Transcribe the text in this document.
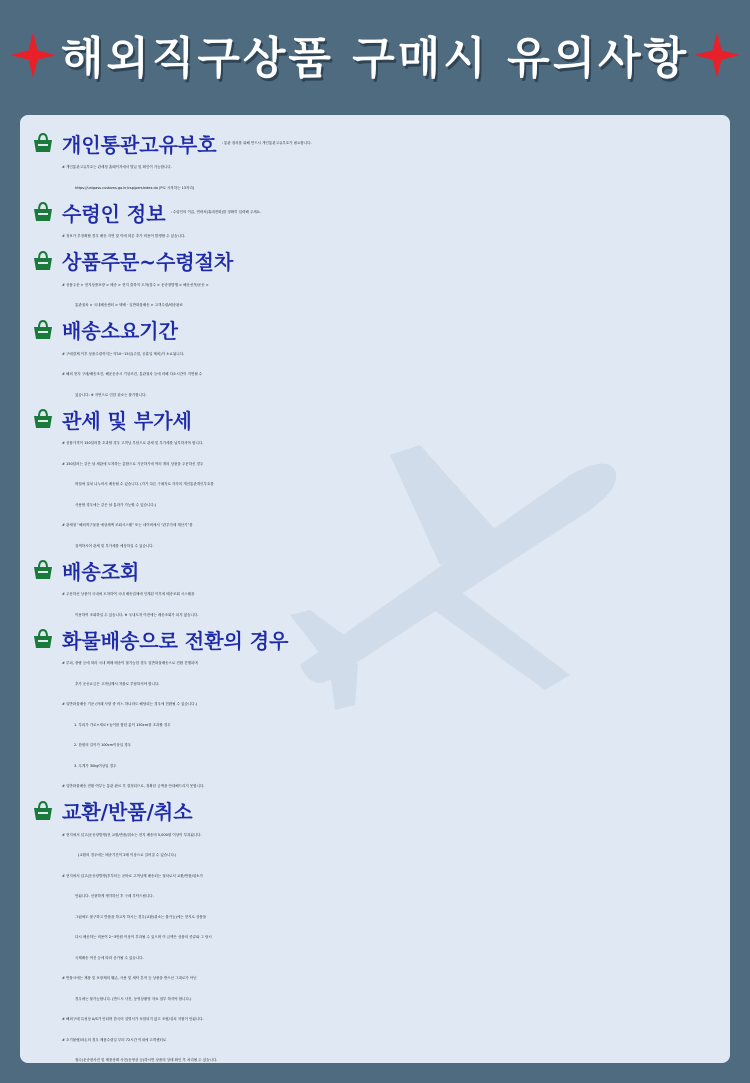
해외직구상품 구매시 유의사항
개인통관고유부호 : 통관 절차를 위해 반드시 개인통관고유부호가 필요합니다.
# 개인통관고유부호는 관세청 홈페이지에서 발급 및 확인이 가능합니다.
https://unipass.customs.go.kr/csp/persIndex.do (P로 시작하는 13자리)
수령인 정보 : 수령인의 이름, 연락처(휴대전화)를 정확히 입력해 주세요.
# 정보가 부정확할 경우 배송 지연 및 이에 따른 추가 비용이 발생할 수 있습니다.
상품주문~수령절차
# 상품주문 > 현지상품포장 > 배송 > 현지 출하지 도착/검수 > 운송장발행 > 해운선적/운송 >
통관절차 > 국내배송센터 > 택배 · 일반화물배송 > 고객수령/배송완료
배송소요기간
# 구매결제 이후 상품수령까지는 약10~15일(주말, 공휴일 제외)이 소요됩니다.
# 해외 현지 구매/배송조건, 해운운송시 기상조건, 통관절차 등에 의해 다소시간이 지연될 수
있습니다. ※ 지연으로 인한 취소는 불가합니다.
관세 및 부가세
# 상품가격이 150달러를 초과할 경우 고객님 부담으로 관세 및 부가세를 납부하셔야 합니다.
# 150달러는 같은 날 세관에 도착하는 총합으로 기준하기에 여러 개의 상품을 주문하신 경우
며칠에 걸쳐 나누어서 배송될 수 있습니다. (각기 다른 구매자로 각각의 개인통관개인부호를
사용할 경우에는 같은 날 통과가 가능할 수 있습니다.)
# 관세청 “해외직구물품 예상세액 조회시스템” 또는 네이버에서 “관부가세 계산기”를
검색하시어 관세 및 부가세를 예상하실 수 있습니다.
배송조회
# 주문하신 상품이 국내에 도착하여 국내 배송업체에 인계된 이후에 배송조회 시스템을
이용하여 조회하실 수 있습니다. ※ 국내도착 이전에는 배송조회가 되지 않습니다.
화물배송으로 전환의 경우
# 부피, 중량 등에 따라 국내 택배 배송이 불가능한 경우 일반화물배송으로 전환 진행되며
추가 운송요금은 고객님께서 착불로 부담하셔야 합니다.
# 일반화물배송 기준 (아래 사항 중 어느 하나라도 해당되는 경우에 전환될 수 있습니다.)
1. 부피가 가로+세로+높이를 합한 값이 150cm를 초과할 경우
2. 한변의 길이가 100cm이상일 경우
3. 무게가 30kg이상일 경우
# 일반화물배송 전환 여부는 통관 완료 후 결정되므로, 정확한 금액을 안내해드리지 못합니다.
교환/반품/취소
# 현지에서 입고(운송장발생)전 교환/반품/취소는 현지 배송비 5,000원 이상이 부과됩니다.
(교환의 경우에는 배송기간이 2배 이상으로 길어질 수 있습니다.)
# 현지에서 입고(운송장발생)후부터는 곧바로 고객님께 배송되는 절차로서 교환/반품/취소가
안됩니다. 신중하게 생각하신 후 구매 부탁드립니다.
그럼에도 불구하고 반품을 하고자 하시는 경우(교환/취소는 불가능)에는 현지로 상품을
다시 배송하는 비용이 2~3만원 이상이 부과될 수 있으며 이 금액은 상품의 종류와 그 당시
국제배송 여건 등에 따라 증가될 수 있습니다.
# 반품시에는 제품 및 포장제의 훼손, 사용 및 세탁 흔적 등 상품을 받으신 그대로가 아닌
경우에는 불가능합니다. (반드시 사진, 동영상촬영 자료 첨부 하셔야 합니다.)
# 해외구매 특성상 A/S가 안되며 한국어 설명서가 포함되지 않고 조립/설치 지원이 안됩니다.
# 초기불량/파손의 경우 제품수령일 부터 72시간 이내에 고객센터로
접수(운송장사진 및 제품상태 사진/동영상 등)하시면 상품의 상태 확인 후 처리될 수 있습니다.
